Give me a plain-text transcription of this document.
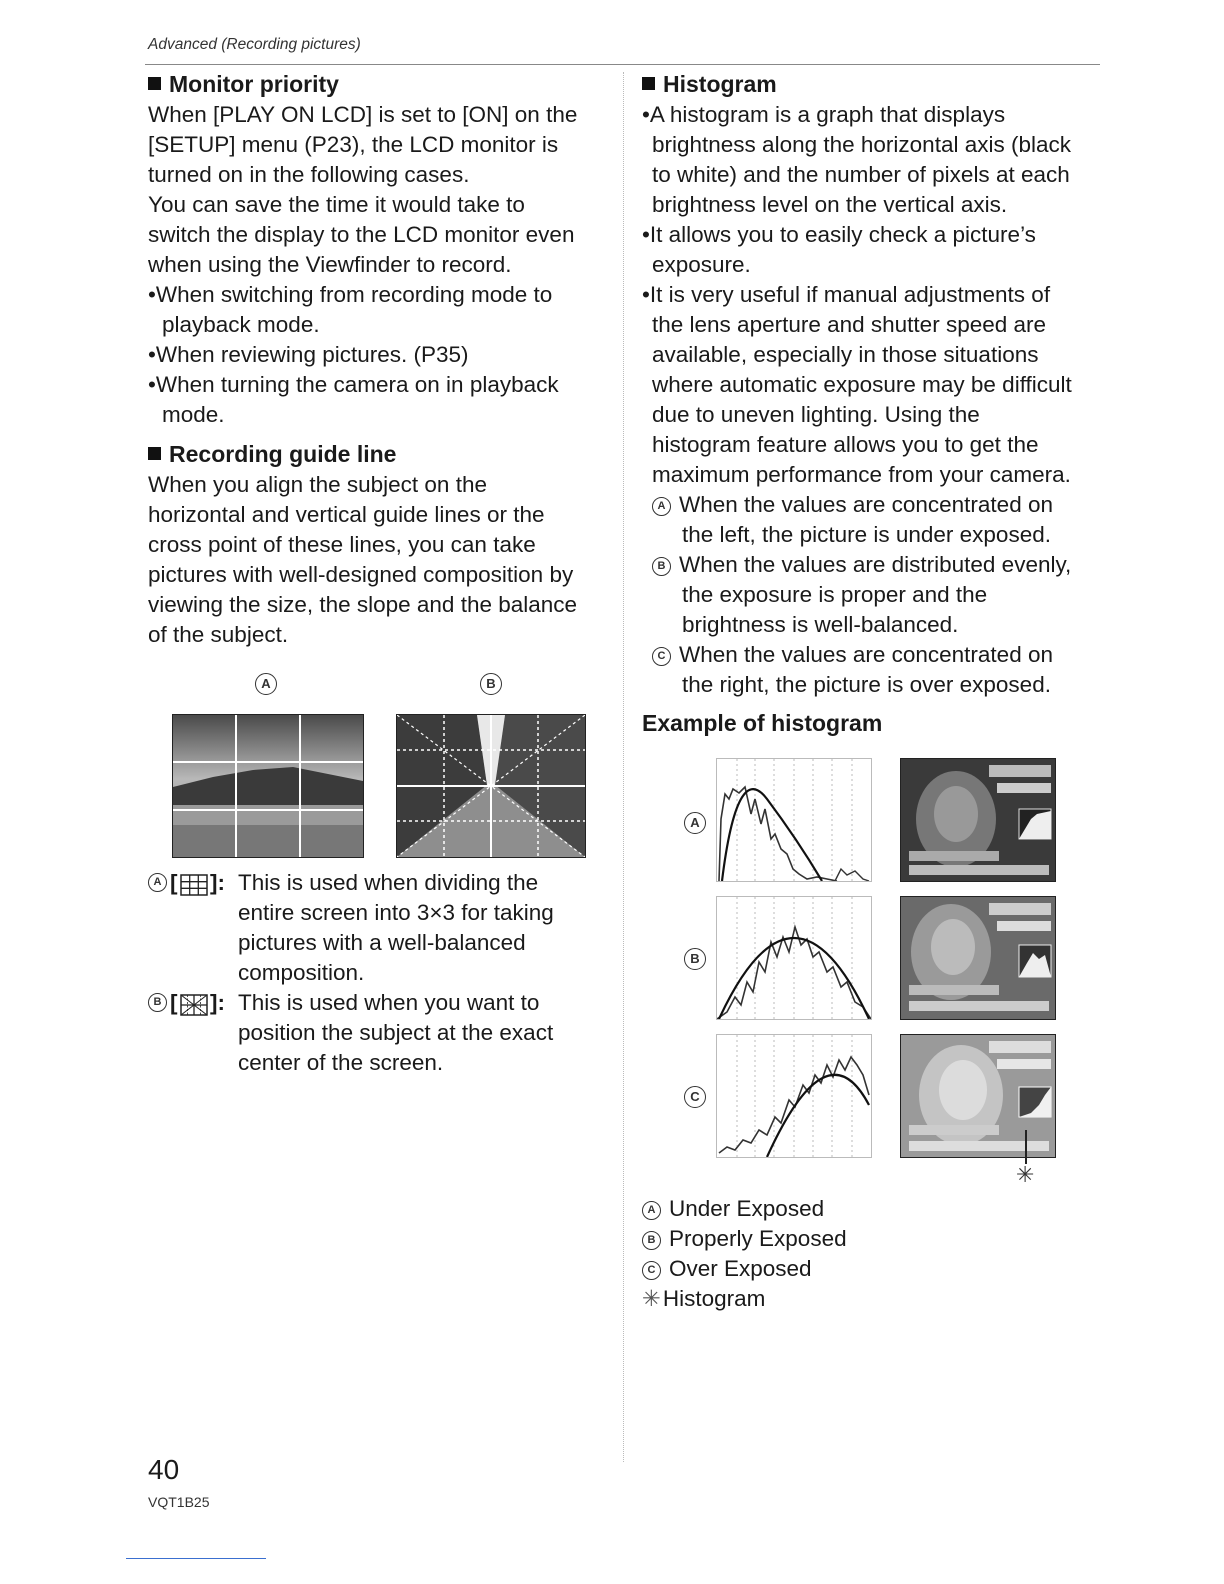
Advanced (Recording pictures)
Monitor priority

When [PLAY ON LCD] is set to [ON] on the

[SETUP] menu (P23), the LCD monitor is

turned on in the following cases.

You can save the time it would take to

switch the display to the LCD monitor even

when using the Viewfinder to record.

•When switching from recording mode to

playback mode.

•When reviewing pictures. (P35)

•When turning the camera on in playback

mode.

Recording guide line

When you align the subject on the

horizontal and vertical guide lines or the

cross point of these lines, you can take

pictures with well-designed composition by

viewing the size, the slope and the balance

of the subject.

A	B
A [ ]: This is used when dividing the

entire screen into 3×3 for taking

pictures with a well-balanced

composition.

B [ ]: This is used when you want to

position the subject at the exact

center of the screen.

Histogram

•A histogram is a graph that displays

brightness along the horizontal axis (black

to white) and the number of pixels at each

brightness level on the vertical axis.

•It allows you to easily check a picture’s

exposure.

•It is very useful if manual adjustments of

the lens aperture and shutter speed are

available, especially in those situations

where automatic exposure may be difficult

due to uneven lighting. Using the

histogram feature allows you to get the

maximum performance from your camera.

A When the values are concentrated on

the left, the picture is under exposed.

B When the values are distributed evenly,

the exposure is proper and the

brightness is well-balanced.

C When the values are concentrated on

the right, the picture is over exposed.

Example of histogram
A
B
C
✳

A Under Exposed

B Properly Exposed

C Over Exposed

✳Histogram

40
VQT1B25
